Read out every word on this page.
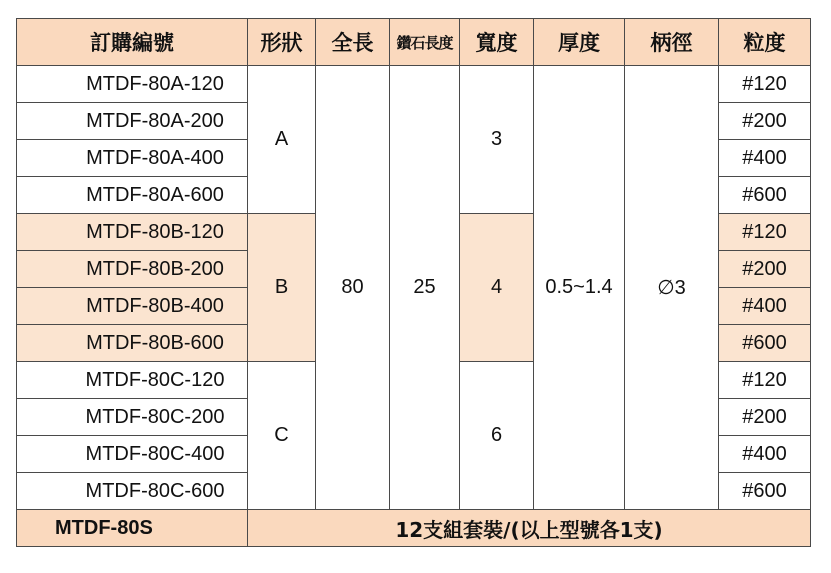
訂購編號	形狀	全長	鑽石長度	寬度	厚度	柄徑	粒度
MTDF-80A-120	A	80	25	3	0.5~1.4	∅3	#120
MTDF-80A-200							#200
MTDF-80A-400							#400
MTDF-80A-600							#600
MTDF-80B-120	B			4			#120
MTDF-80B-200							#200
MTDF-80B-400							#400
MTDF-80B-600							#600
MTDF-80C-120	C			6			#120
MTDF-80C-200							#200
MTDF-80C-400							#400
MTDF-80C-600							#600
MTDF-80S	12支組套裝/(以上型號各1支)						
